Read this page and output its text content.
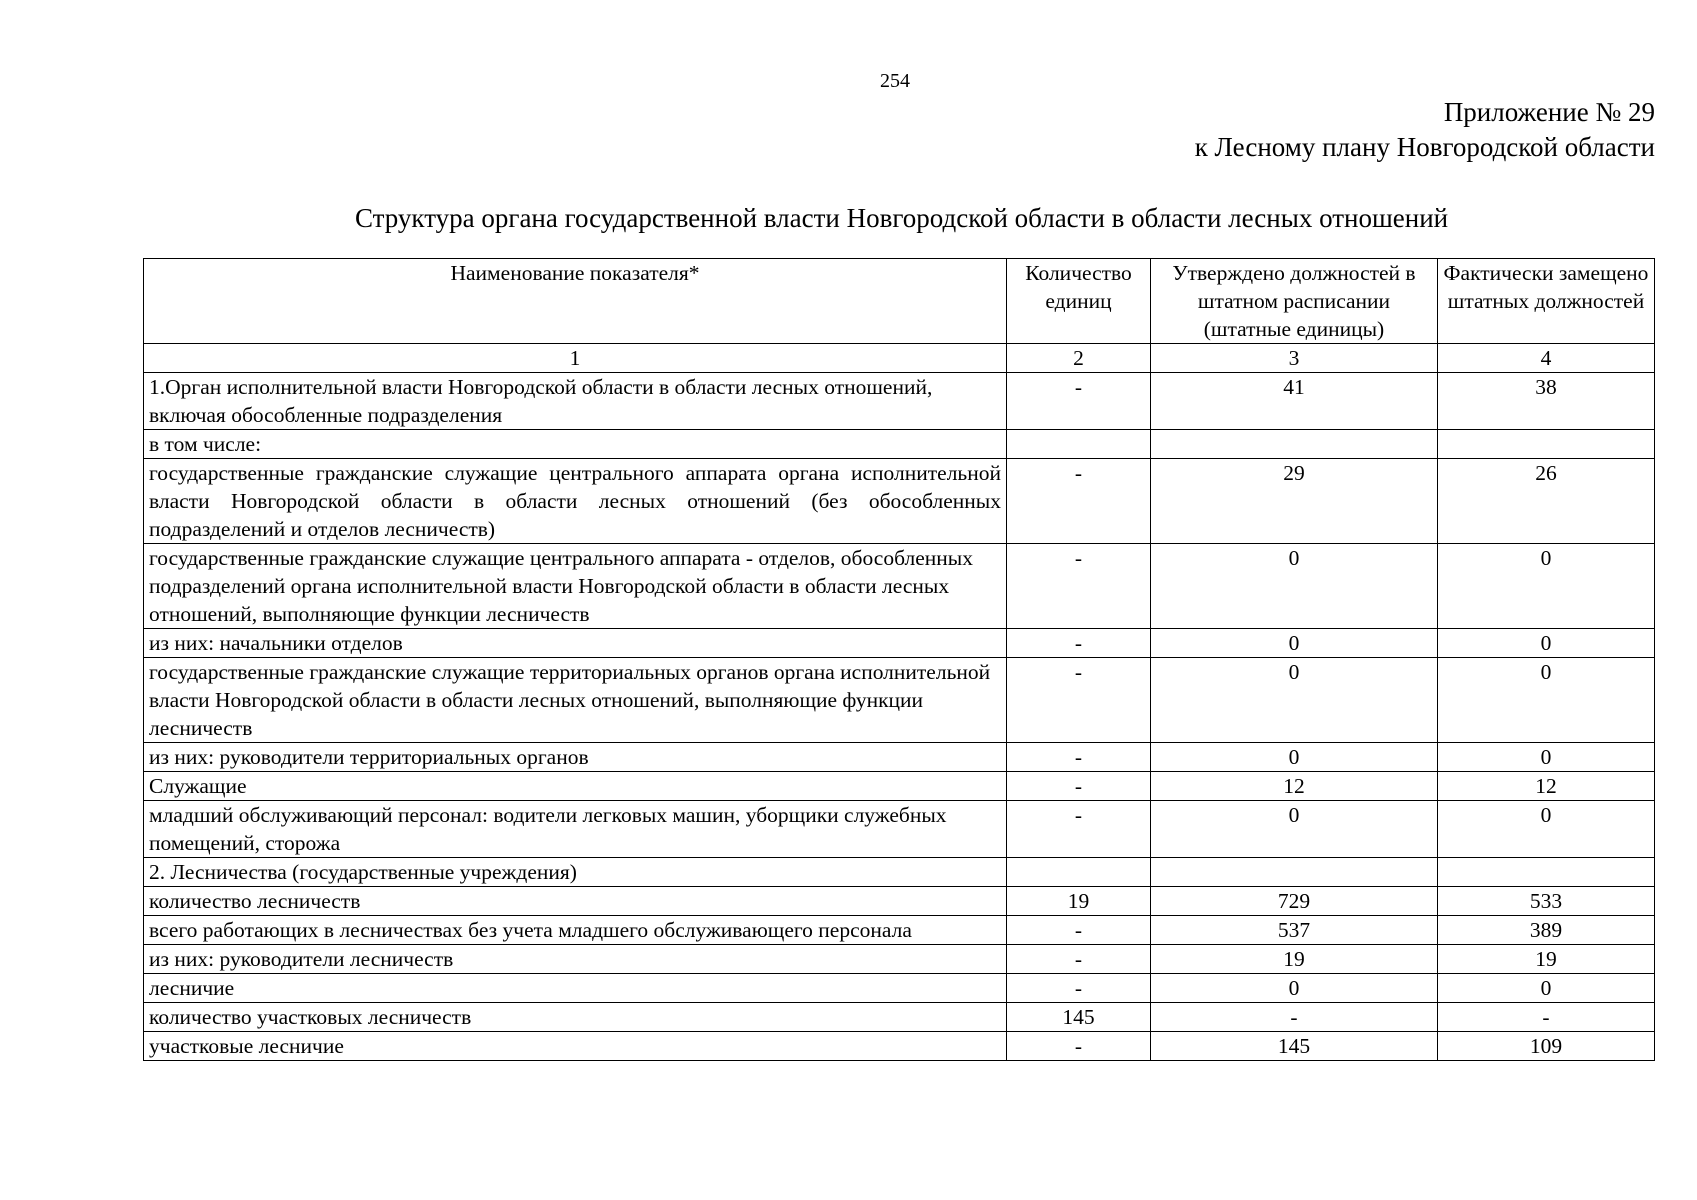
254
Приложение № 29
к Лесному плану Новгородской области
Структура органа государственной власти Новгородской области в области лесных отношений
Наименование показателя*	Количество единиц	Утверждено должностей в штатном расписании (штатные единицы)	Фактически замещено штатных должностей
1	2	3	4
1.Орган исполнительной власти Новгородской области в области лесных отношений, включая обособленные подразделения	-	41	38
в том числе:			
государственные гражданские служащие центрального аппарата органа исполнительной власти Новгородской области в области лесных отношений (без обособленных подразделений и отделов лесничеств)	-	29	26
государственные гражданские служащие центрального аппарата - отделов, обособленных подразделений органа исполнительной власти Новгородской области в области лесных отношений, выполняющие функции лесничеств	-	0	0
из них: начальники отделов	-	0	0
государственные гражданские служащие территориальных органов органа исполнительной власти Новгородской области в области лесных отношений, выполняющие функции лесничеств	-	0	0
из них: руководители территориальных органов	-	0	0
Служащие	-	12	12
младший обслуживающий персонал: водители легковых машин, уборщики служебных помещений, сторожа	-	0	0
2. Лесничества (государственные учреждения)			
количество лесничеств	19	729	533
всего работающих в лесничествах без учета младшего обслуживающего персонала	-	537	389
из них: руководители лесничеств	-	19	19
лесничие	-	0	0
количество участковых лесничеств	145	-	-
участковые лесничие	-	145	109
